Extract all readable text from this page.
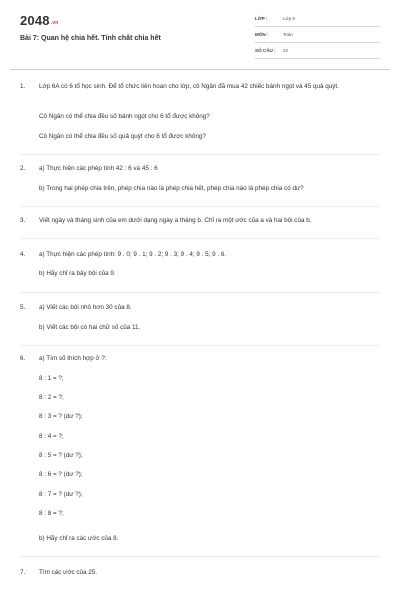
$2048^{.vn}$
Bài 7: Quan hệ chia hết. Tính chất chia hết
LỚP :	Lớp 6
MÔN :	Toán
SỐ CÂU : 22
1. Lớp 6A có 6 tổ học sinh. Để tổ chức liên hoan cho lớp, cô Ngân đã mua 42 chiếc bánh ngọt và 45 quả quýt.
Cô Ngân có thể chia đều số bánh ngọt cho 6 tổ được không?
Cô Ngân có thể chia đều số quả quýt cho 6 tổ được không?
2. a) Thực hiện các phép tính 42 : 6 và 45 : 6
b) Trong hai phép chia trên, phép chia nào là phép chia hết, phép chia nào là phép chia có dư?
3. Viết ngày và tháng sinh của em dưới dạng ngày a tháng b. Chỉ ra một ước của a và hai bội của b.
4. a) Thực hiện các phép tính: 9 . 0; 9 . 1; 9 . 2; 9 . 3; 9 . 4; 9 . 5; 9 . 6.
b) Hãy chỉ ra bảy bội của 9.
5. a) Viết các bội nhỏ hơn 30 của 8.
b) Viết các bội có hai chữ số của 11.
6. a) Tìm số thích hợp ở ?:
8 : 1 = ?;
8 : 2 = ?;
8 : 3 = ? (dư ?);
8 : 4 = ?;
8 : 5 = ? (dư ?);
8 : 6 = ? (dư ?);
8 : 7 = ? (dư ?);
8 : 8 = ?;
b) Hãy chỉ ra các ước của 8.
7. Tìm các ước của 25.
